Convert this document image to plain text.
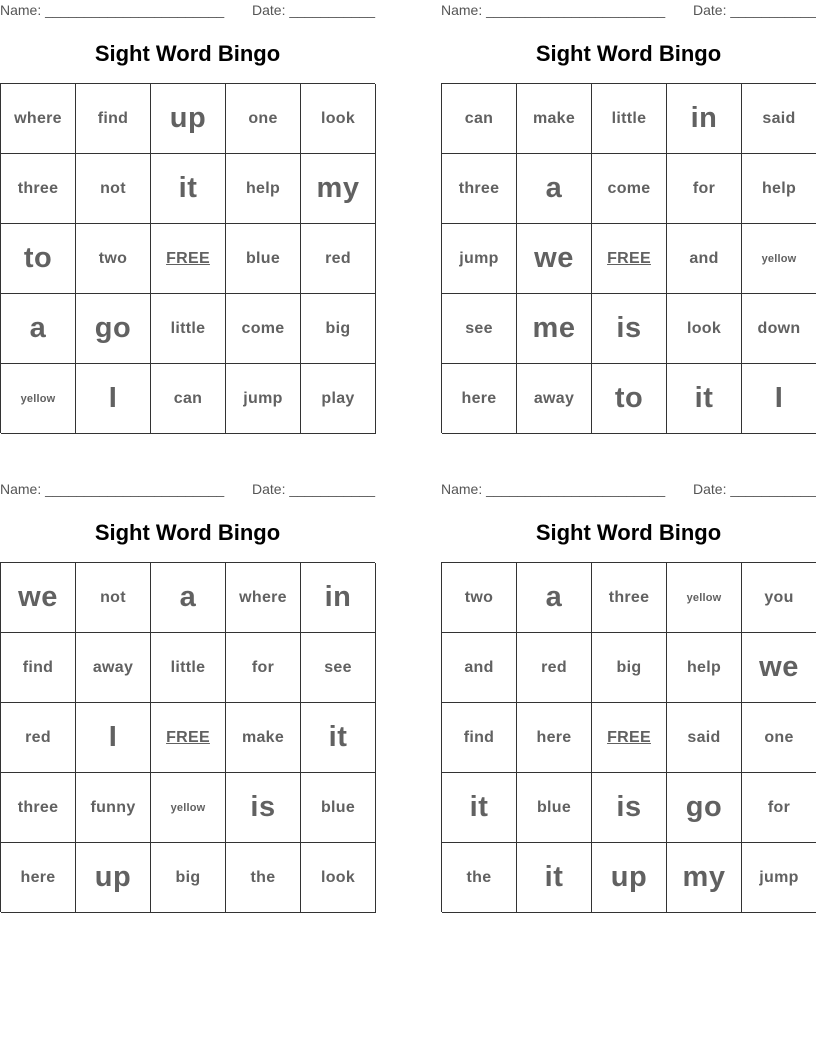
Name: _______________________ Date: ___________
Sight Word Bingo
where	find	up	one	look
three	not	it	help	my
to	two	FREE	blue	red
a	go	little	come	big
yellow	I	can	jump	play
Name: _______________________ Date: ___________
Sight Word Bingo
can	make	little	in	said
three	a	come	for	help
jump	we	FREE	and	yellow
see	me	is	look	down
here	away	to	it	I
Name: _______________________ Date: ___________
Sight Word Bingo
we	not	a	where	in
find	away	little	for	see
red	I	FREE	make	it
three	funny	yellow	is	blue
here	up	big	the	look
Name: _______________________ Date: ___________
Sight Word Bingo
two	a	three	yellow	you
and	red	big	help	we
find	here	FREE	said	one
it	blue	is	go	for
the	it	up	my	jump
